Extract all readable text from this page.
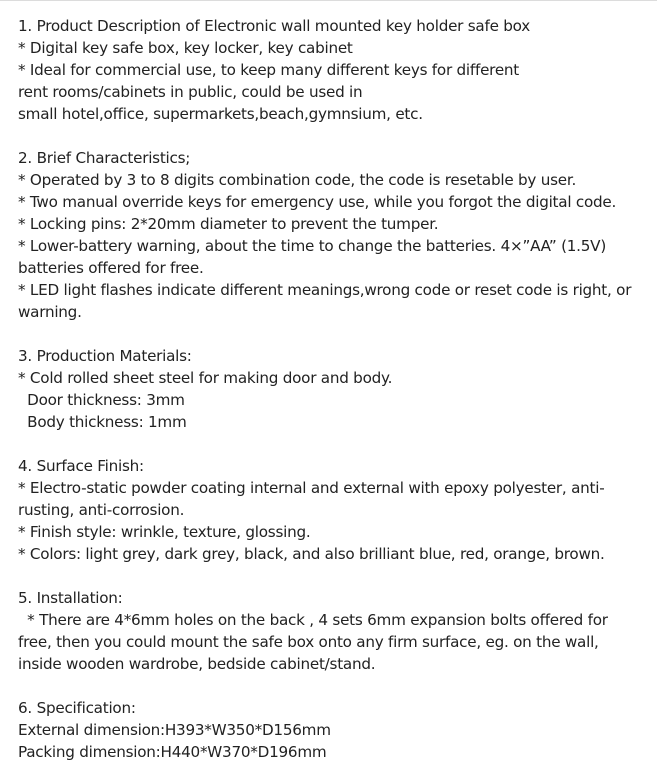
1. Product Description of Electronic wall mounted key holder safe box
* Digital key safe box, key locker, key cabinet
* Ideal for commercial use, to keep many different keys for different
rent rooms/cabinets in public, could be used in
small hotel,office, supermarkets,beach,gymnsium, etc.
2. Brief Characteristics;
* Operated by 3 to 8 digits combination code, the code is resetable by user.
* Two manual override keys for emergency use, while you forgot the digital code.
* Locking pins: 2*20mm diameter to prevent the tumper.
* Lower-battery warning, about the time to change the batteries. 4×”AA” (1.5V)
batteries offered for free.
* LED light flashes indicate different meanings,wrong code or reset code is right, or
warning.
3. Production Materials:
* Cold rolled sheet steel for making door and body.
Door thickness: 3mm
Body thickness: 1mm
4. Surface Finish:
* Electro-static powder coating internal and external with epoxy polyester, anti-
rusting, anti-corrosion.
* Finish style: wrinkle, texture, glossing.
* Colors: light grey, dark grey, black, and also brilliant blue, red, orange, brown.
5. Installation:
* There are 4*6mm holes on the back , 4 sets 6mm expansion bolts offered for
free, then you could mount the safe box onto any firm surface, eg. on the wall,
inside wooden wardrobe, bedside cabinet/stand.
6. Specification:
External dimension:H393*W350*D156mm
Packing dimension:H440*W370*D196mm
